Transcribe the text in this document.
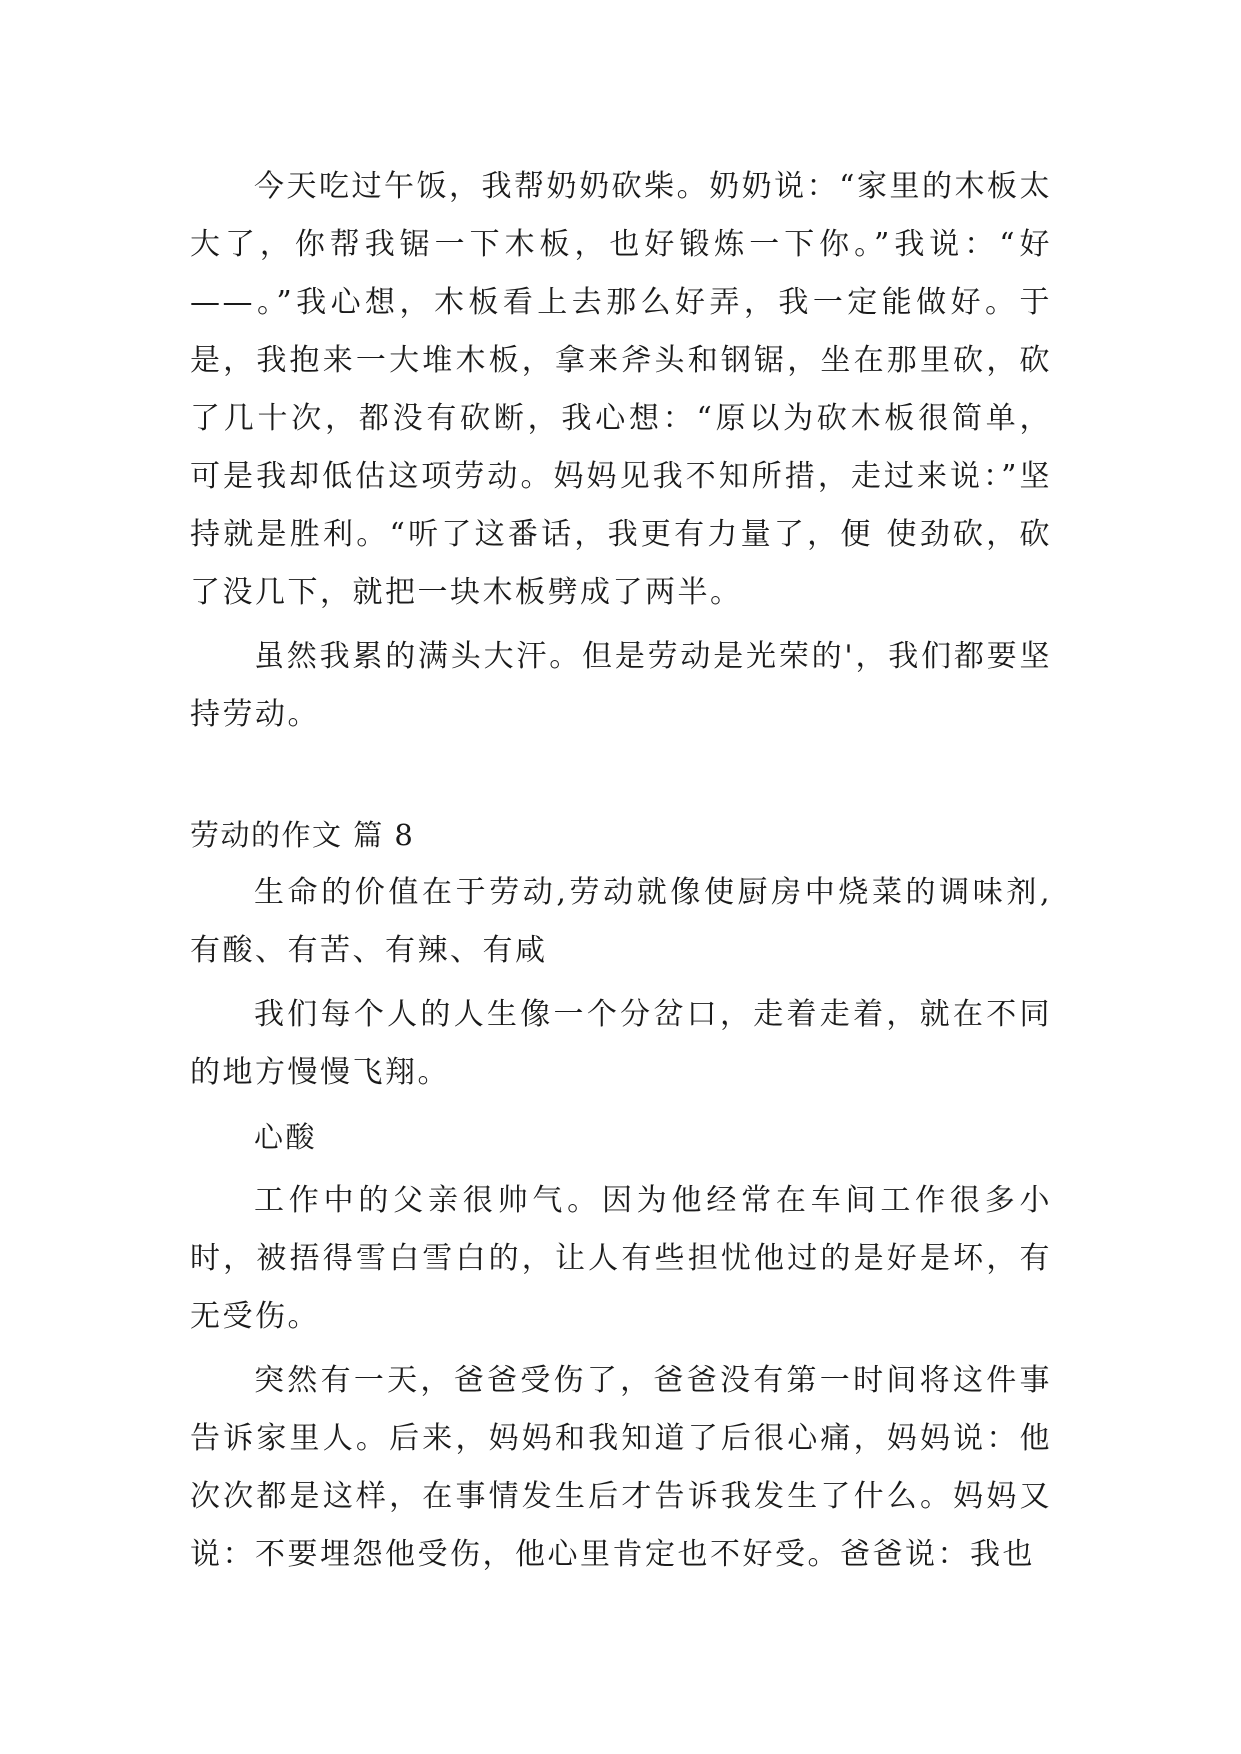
今天吃过午饭，我帮奶奶砍柴。奶奶说：“家里的木板太大了，你帮我锯一下木板，也好锻炼一下你。”我说：“好——。”我心想，木板看上去那么好弄，我一定能做好。于是，我抱来一大堆木板，拿来斧头和钢锯，坐在那里砍，砍了几十次，都没有砍断，我心想：“原以为砍木板很简单，可是我却低估这项劳动。妈妈见我不知所措，走过来说：”坚持就是胜利。“听了这番话，我更有力量了，便 使劲砍，砍了没几下，就把一块木板劈成了两半。

虽然我累的满头大汗。但是劳动是光荣的'，我们都要坚持劳动。

劳动的作文 篇 8

生命的价值在于劳动,劳动就像使厨房中烧菜的调味剂,有酸、有苦、有辣、有咸

我们每个人的人生像一个分岔口，走着走着，就在不同的地方慢慢飞翔。

心酸

工作中的父亲很帅气。因为他经常在车间工作很多小时，被捂得雪白雪白的，让人有些担忧他过的是好是坏，有无受伤。

突然有一天，爸爸受伤了，爸爸没有第一时间将这件事告诉家里人。后来，妈妈和我知道了后很心痛，妈妈说：他次次都是这样，在事情发生后才告诉我发生了什么。妈妈又说：不要埋怨他受伤，他心里肯定也不好受。爸爸说：我也
